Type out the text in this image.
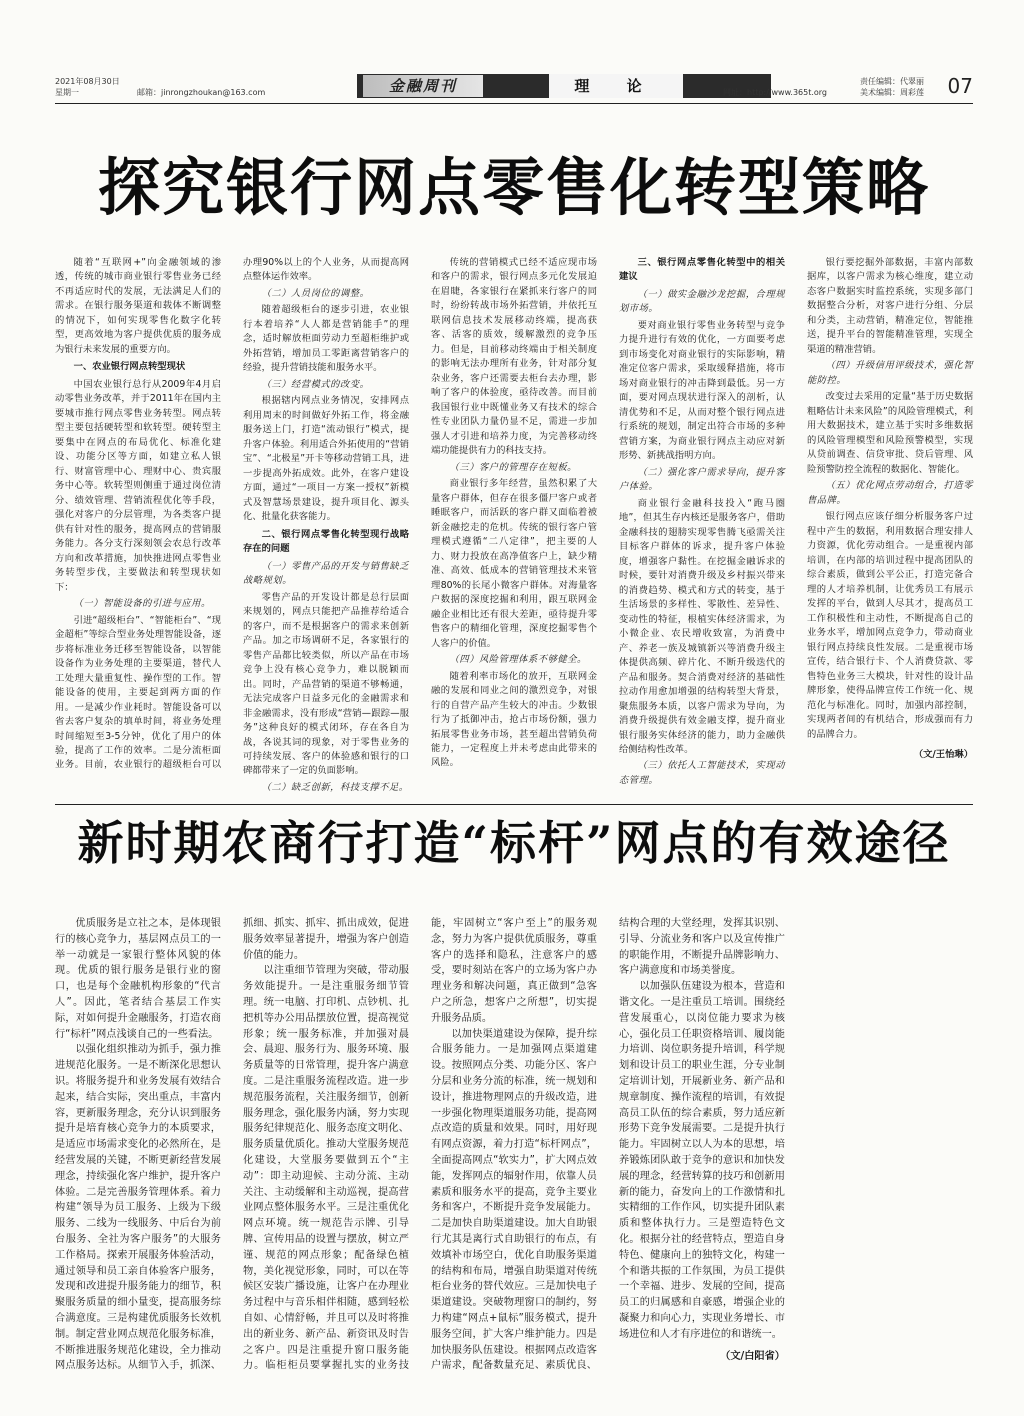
2021年08月30日
星期一	邮箱：jinrongzhoukan@163.com	金融周刊	理 论	网址：http://www.365t.org
责任编辑：代翠丽
美术编辑：周彩莲 07
探究银行网点零售化转型策略

随着“互联网+”向金融领域的渗透，传统的城市商业银行零售业务已经不再适应时代的发展，无法满足人们的需求。在银行服务渠道和载体不断调整的情况下，如何实现零售化数字化转型，更高效地为客户提供优质的服务成为银行未来发展的重要方向。

一、农业银行网点转型现状

中国农业银行总行从2009年4月启动零售业务改革，并于2011年在国内主要城市推行网点零售业务转型。网点转型主要包括硬转型和软转型。硬转型主要集中在网点的布局优化、标准化建设、功能分区等方面，如建立私人银行、财富管理中心、理财中心、贵宾服务中心等。软转型则侧重于通过岗位清分、绩效管理、营销流程优化等手段，强化对客户的分层管理，为各类客户提供有针对性的服务，提高网点的营销服务能力。各分支行深刻领会农总行改革方向和改革措施，加快推进网点零售业务转型步伐，主要做法和转型现状如下：

（一）智能设备的引进与应用。

引进“超级柜台”、“智能柜台”、“现金超柜”等综合型业务处理智能设备，逐步将标准业务迁移至智能设备，以智能设备作为业务处理的主要渠道，替代人工处理大量重复性、操作型的工作。智能设备的使用，主要起到两方面的作用。一是减少作业耗时。智能设备可以省去客户复杂的填单时间，将业务处理时间缩短至3-5分钟，优化了用户的体验，提高了工作的效率。二是分流柜面业务。目前，农业银行的超级柜台可以办理90%以上的个人业务，从而提高网点整体运作效率。

（二）人员岗位的调整。

随着超级柜台的逐步引进，农业银行本着培养“人人都是营销能手”的理念，适时解放柜面劳动力至超柜维护或外拓营销，增加员工零距离营销客户的经验，提升营销技能和服务水平。

（三）经营模式的改变。

根据辖内网点业务情况，安排网点利用周末的时间做好外拓工作，将金融服务送上门，打造“流动银行”模式，提升客户体验。利用适合外拓使用的“营销宝”、“北极星”开卡等移动营销工具，进一步提高外拓成效。此外，在客户建设方面，通过“一项目一方案一授权”新模式及智慧场景建设，提升项目化、源头化、批量化获客能力。

二、银行网点零售化转型现行战略存在的问题

（一）零售产品的开发与销售缺乏战略规划。

零售产品的开发设计都是总行层面来规划的，网点只能把产品推荐给适合的客户，而不是根据客户的需求来创新产品。加之市场调研不足，各家银行的零售产品都比较类似，所以产品在市场竞争上没有核心竞争力，难以脱颖而出。同时，产品营销的渠道不够畅通，无法完成客户日益多元化的金融需求和非金融需求，没有形成“营销—跟踪—服务”这种良好的模式闭环，存在各自为战，各说其词的现象，对于零售业务的可持续发展、客户的体验感和银行的口碑都带来了一定的负面影响。

（二）缺乏创新，科技支撑不足。

传统的营销模式已经不适应现市场和客户的需求，银行网点多元化发展迫在眉睫，各家银行在紧抓来行客户的同时，纷纷转战市场外拓营销，并依托互联网信息技术发展移动终端，提高获客、活客的质效，缓解激烈的竞争压力。但是，目前移动终端由于相关制度的影响无法办理所有业务，针对部分复杂业务，客户还需要去柜台去办理，影响了客户的体验度，亟待改善。而目前我国银行业中既懂业务又有技术的综合性专业团队力量仍显不足，需进一步加强人才引进和培养力度，为完善移动终端功能提供有力的科技支持。

（三）客户的管理存在短板。

商业银行多年经营，虽然积累了大量客户群体，但存在很多僵尸客户或者睡眠客户，而活跃的客户群又面临着被新金融挖走的危机。传统的银行客户管理模式遵循“二八定律”，把主要的人力、财力投放在高净值客户上，缺少精准、高效、低成本的营销管理技术来管理80%的长尾小微客户群体。对海量客户数据的深度挖掘和利用，跟互联网金融企业相比还有很大差距，亟待提升零售客户的精细化管理，深度挖掘零售个人客户的价值。

（四）风险管理体系不够健全。

随着利率市场化的放开，互联网金融的发展和同业之间的激烈竞争，对银行的自营产品产生较大的冲击。少数银行为了抵御冲击，抢占市场份额，强力拓展零售业务市场，甚至超出营销负荷能力，一定程度上并未考虑由此带来的风险。

三、银行网点零售化转型中的相关建议

（一）做实金融沙龙挖掘，合理规划市场。

要对商业银行零售业务转型与竞争力提升进行有效的优化，一方面要考虑到市场变化对商业银行的实际影响，精准定位客户需求，采取缓释措施，将市场对商业银行的冲击降到最低。另一方面，要对网点现状进行深入的剖析，认清优势和不足，从而对整个银行网点进行系统的规划，制定出符合市场的多种营销方案，为商业银行网点主动应对新形势、新挑战指明方向。

（二）强化客户需求导向，提升客户体验。

商业银行金融科技投入“跑马圈地”，但其生存内核还是服务客户，借助金融科技的翅膀实现零售腾飞亟需关注目标客户群体的诉求，提升客户体验度，增强客户黏性。在挖掘金融诉求的时候，要针对消费升级及乡村振兴带来的消费趋势、模式和方式的转变，基于生活场景的多样性、零散性、差异性、变动性的特征，根植实体经济需求，为小微企业、农民增收致富，为消费中产、养老一族及城镇新兴等消费升级主体提供高频、碎片化、不断升级迭代的产品和服务。契合消费对经济的基础性拉动作用愈加增强的结构转型大背景，聚焦服务本质，以客户需求为导向，为消费升级提供有效金融支撑，提升商业银行服务实体经济的能力，助力金融供给侧结构性改革。

（三）依托人工智能技术，实现动态管理。

银行要挖掘外部数据，丰富内部数据库，以客户需求为核心维度，建立动态客户数据实时监控系统，实现多部门数据整合分析，对客户进行分组、分层和分类，主动营销，精准定位，智能推送，提升平台的智能精准管理，实现全渠道的精准营销。

（四）升级信用评级技术，强化智能防控。

改变过去采用的定量“基于历史数据粗略估计未来风险”的风险管理模式，利用大数据技术，建立基于实时多维数据的风险管理模型和风险预警模型，实现从贷前调查、信贷审批、贷后管理、风险预警防控全流程的数据化、智能化。

（五）优化网点劳动组合，打造零售品牌。

银行网点应该仔细分析服务客户过程中产生的数据，利用数据合理安排人力资源，优化劳动组合。一是重视内部培训，在内部的培训过程中提高团队的综合素质，做到公平公正，打造完备合理的人才培养机制，让优秀员工有展示发挥的平台，做到人尽其才，提高员工工作积极性和主动性，不断提高自己的业务水平，增加网点竞争力，带动商业银行网点持续良性发展。二是重视市场宣传，结合银行卡、个人消费贷款、零售特色业务三大模块，针对性的设计品牌形象，使得品牌宣传工作统一化、规范化与标准化。同时，加强内部控制，实现两者间的有机结合，形成强而有力的品牌合力。

（文/王怡琳）

新时期农商行打造“标杆”网点的有效途径

优质服务是立社之本，是体现银行的核心竞争力，基层网点员工的一举一动就是一家银行整体风貌的体现。优质的银行服务是银行业的窗口，也是每个金融机构形象的“代言人”。因此，笔者结合基层工作实际，对如何提升金融服务，打造农商行“标杆”网点浅谈自己的一些看法。

以强化组织推动为抓手，强力推进规范化服务。一是不断深化思想认识。将服务提升和业务发展有效结合起来，结合实际，突出重点，丰富内容，更新服务理念，充分认识到服务提升是培育核心竞争力的本质要求，是适应市场需求变化的必然所在，是经营发展的关键，不断更新经营发展理念，持续强化客户维护，提升客户体验。二是完善服务管理体系。着力构建“领导为员工服务、上级为下级服务、二线为一线服务、中后台为前台服务、全社为客户服务”的大服务工作格局。探索开展服务体验活动，通过领导和员工亲自体验客户服务，发现和改进提升服务能力的细节，积聚服务质量的细小量变，提高服务综合满意度。三是构建优质服务长效机制。制定营业网点规范化服务标准，不断推进服务规范化建设，全力推动网点服务达标。从细节入手，抓深、抓细、抓实、抓牢、抓出成效，促进服务效率显著提升，增强为客户创造价值的能力。

以注重细节管理为突破，带动服务效能提升。一是注重服务细节管理。统一电脑、打印机、点钞机、扎把机等办公用品摆放位置，提高视觉形象；统一服务标准，并加强对晨会、晨迎、服务行为、服务环境、服务质量等的日常管理，提升客户满意度。二是注重服务流程改造。进一步规范服务流程，关注服务细节，创新服务理念，强化服务内涵，努力实现服务纪律规范化、服务态度文明化、服务质量优质化。推动大堂服务规范化建设，大堂服务要做到五个“主动”：即主动迎候、主动分流、主动关注、主动缓解和主动巡视，提高营业网点整体服务水平。三是注重优化网点环境。统一规范告示牌、引导牌、宣传用品的设置与摆放，树立严谨、规范的网点形象；配备绿色植物，美化视觉形象，同时，可以在等候区安装广播设施，让客户在办理业务过程中与音乐相伴相随，感到轻松自如、心情舒畅，并且可以及时将推出的新业务、新产品、新资讯及时告之客户。四是注重提升窗口服务能力。临柜柜员要掌握扎实的业务技能，牢固树立“客户至上”的服务观念，努力为客户提供优质服务，尊重客户的选择和隐私，注意客户的感受，要时刻站在客户的立场为客户办理业务和解决问题，真正做到“急客户之所急，想客户之所想”，切实提升服务品质。

以加快渠道建设为保障，提升综合服务能力。一是加强网点渠道建设。按照网点分类、功能分区、客户分层和业务分流的标准，统一规划和设计，推进物理网点的升级改造，进一步强化物理渠道服务功能，提高网点改造的质量和效果。同时，用好现有网点资源，着力打造“标杆网点”，全面提高网点“软实力”，扩大网点效能，发挥网点的辐射作用，依靠人员素质和服务水平的提高，竞争主要业务和客户，不断提升竞争发展能力。二是加快自助渠道建设。加大自助银行尤其是离行式自助银行的布点，有效填补市场空白，优化自助服务渠道的结构和布局，增强自助渠道对传统柜台业务的替代效应。三是加快电子渠道建设。突破物理窗口的制约，努力构建“网点+鼠标”服务模式，提升服务空间，扩大客户维护能力。四是加快服务队伍建设。根据网点改造客户需求，配备数量充足、素质优良、结构合理的大堂经理，发挥其识别、引导、分流业务和客户以及宣传推广的职能作用，不断提升品牌影响力、客户满意度和市场美誉度。

以加强队伍建设为根本，营造和谐文化。一是注重员工培训。围绕经营发展重心，以岗位能力要求为核心，强化员工任职资格培训、履岗能力培训、岗位职务提升培训，科学规划和设计员工的职业生涯，分专业制定培训计划，开展新业务、新产品和规章制度、操作流程的培训，有效提高员工队伍的综合素质，努力适应新形势下竞争发展需要。二是提升执行能力。牢固树立以人为本的思想，培养锻炼团队敢于竞争的意识和加快发展的理念，经营转算的技巧和创新用新的能力，奋发向上的工作激情和扎实精细的工作作风，切实提升团队素质和整体执行力。三是塑造特色文化。根据分社的经营特点，塑造自身特色、健康向上的独特文化，构建一个和谐共振的工作氛围，为员工提供一个幸福、进步、发展的空间，提高员工的归属感和自豪感，增强企业的凝聚力和向心力，实现业务增长、市场进位和人才有序进位的和谐统一。

（文/白阳省）
